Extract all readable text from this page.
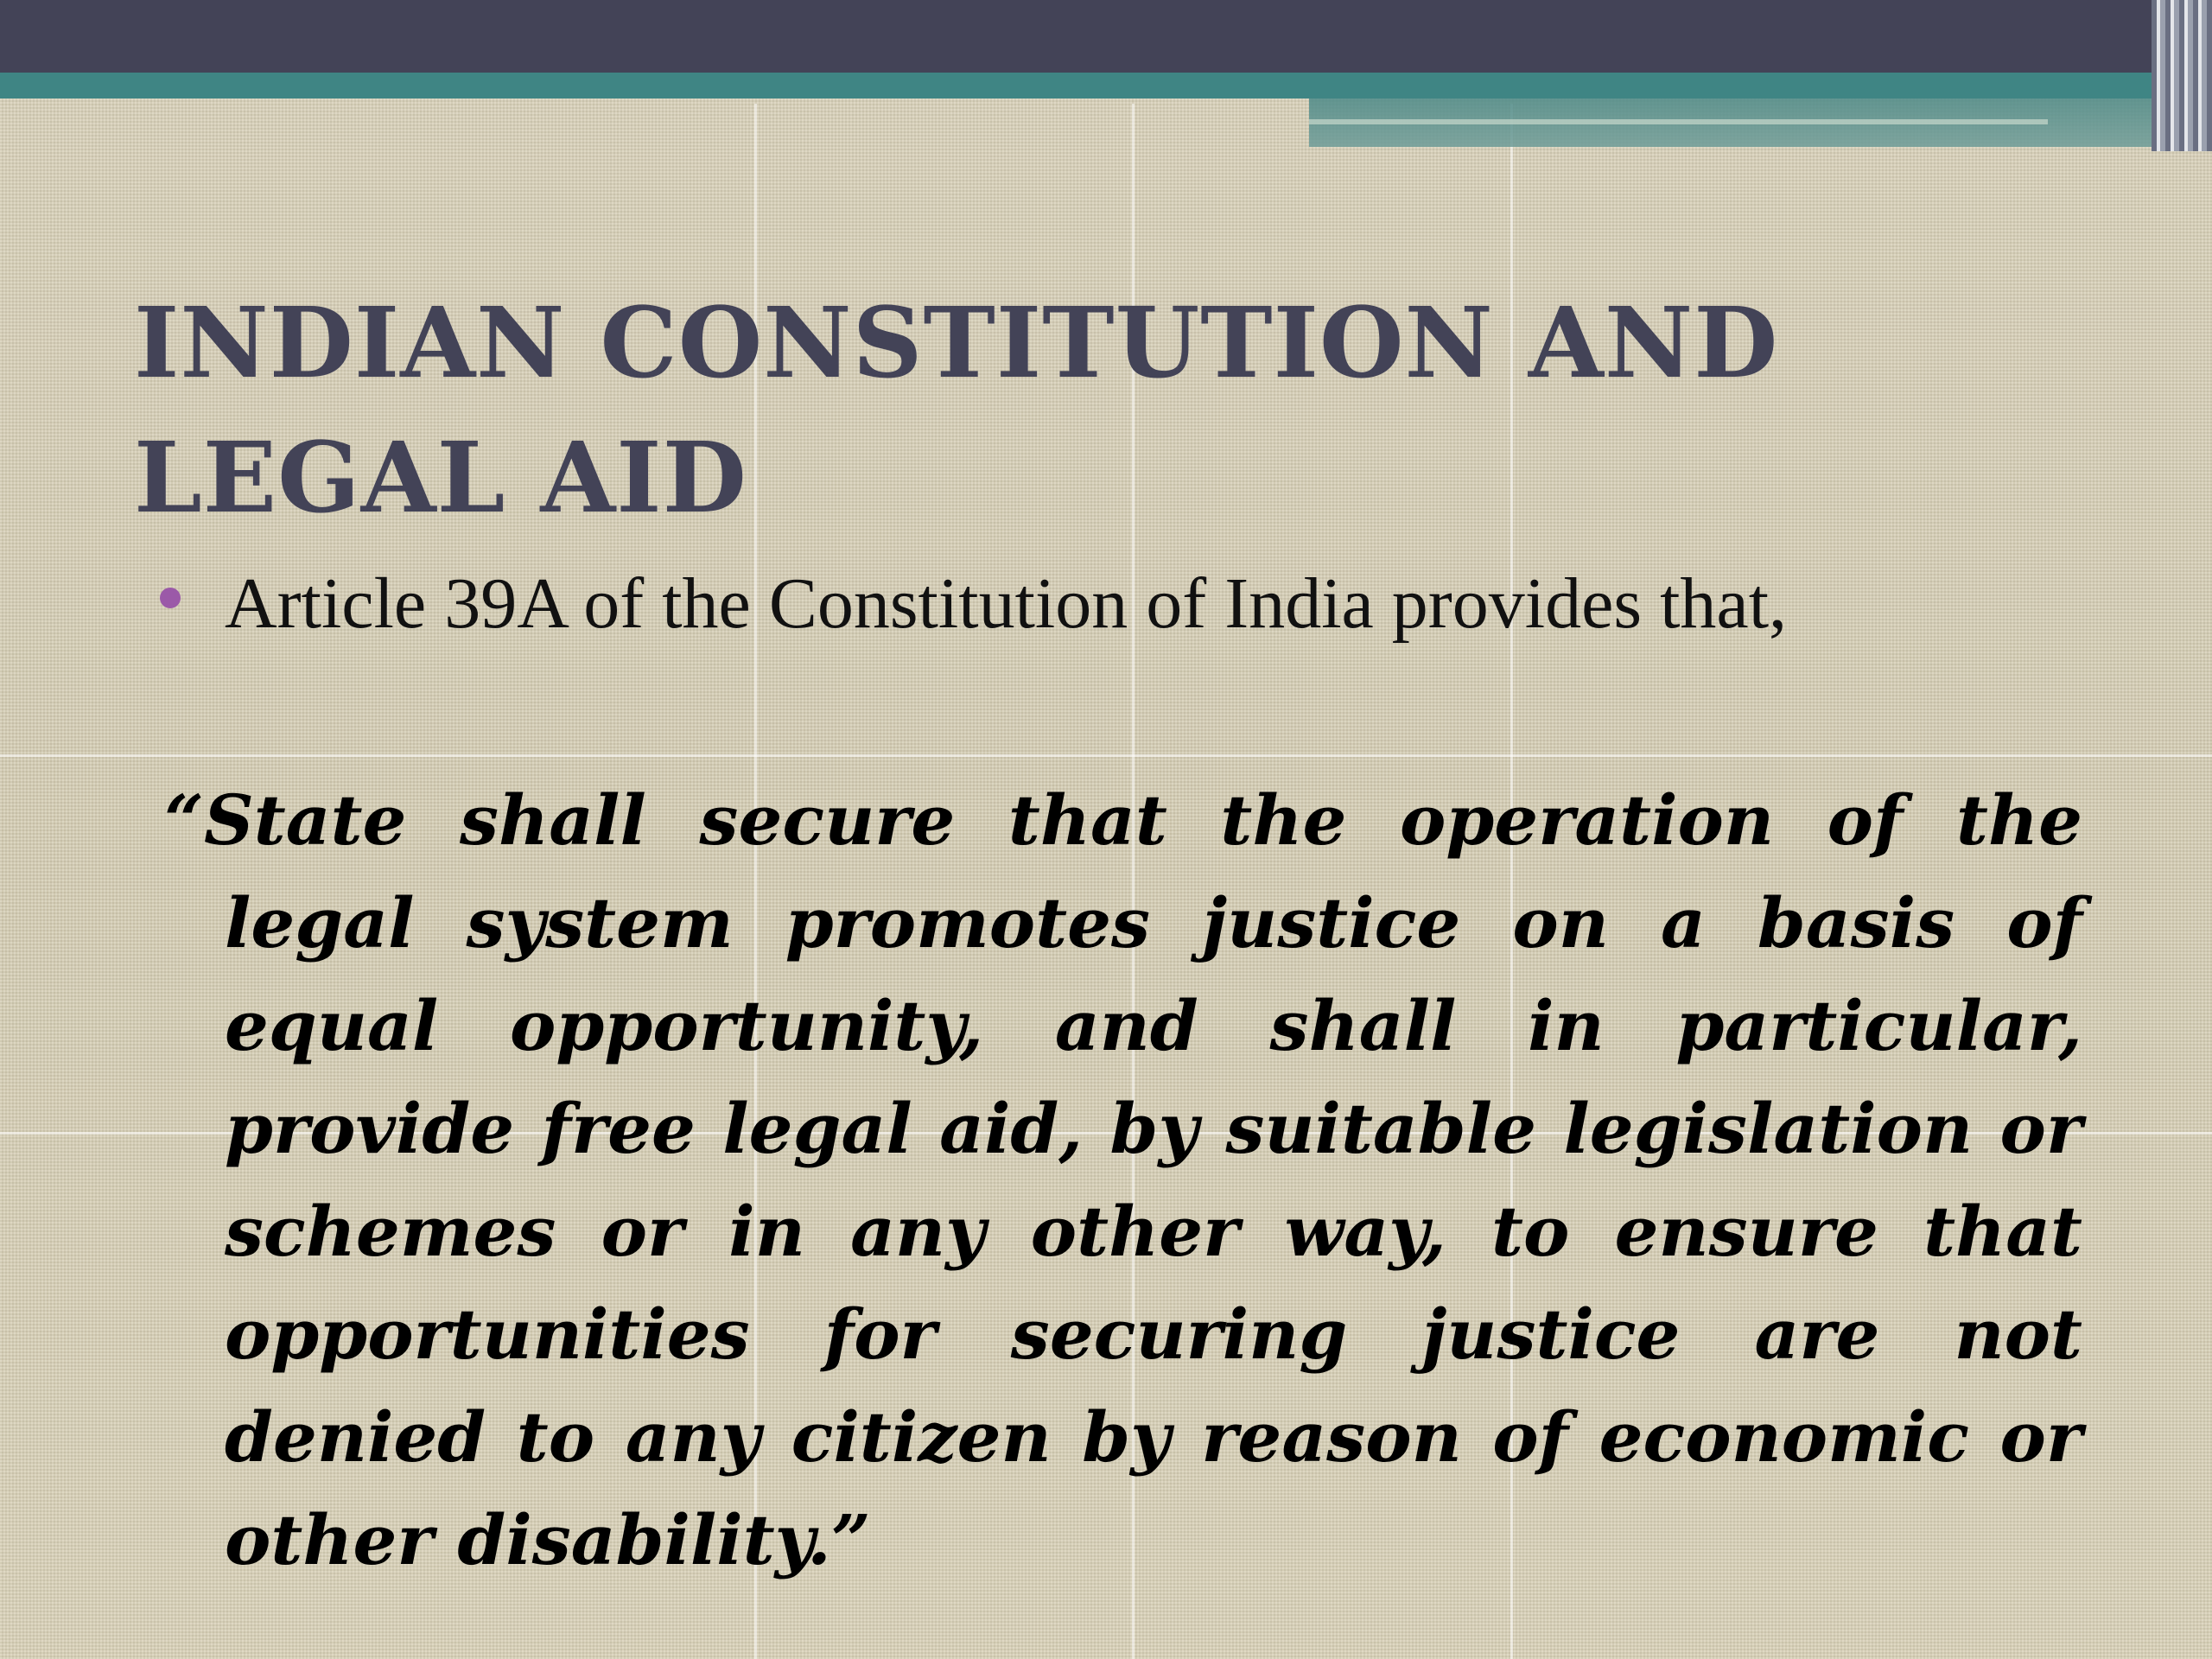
INDIAN CONSTITUTION AND LEGAL AID

Article 39A of the Constitution of India provides that,

“State shall secure that the operation of the legal system promotes justice on a basis of equal opportunity, and shall in particular, provide free legal aid, by suitable legislation or schemes or in any other way, to ensure that opportunities for securing justice are not denied to any citizen by reason of economic or other disability.”
